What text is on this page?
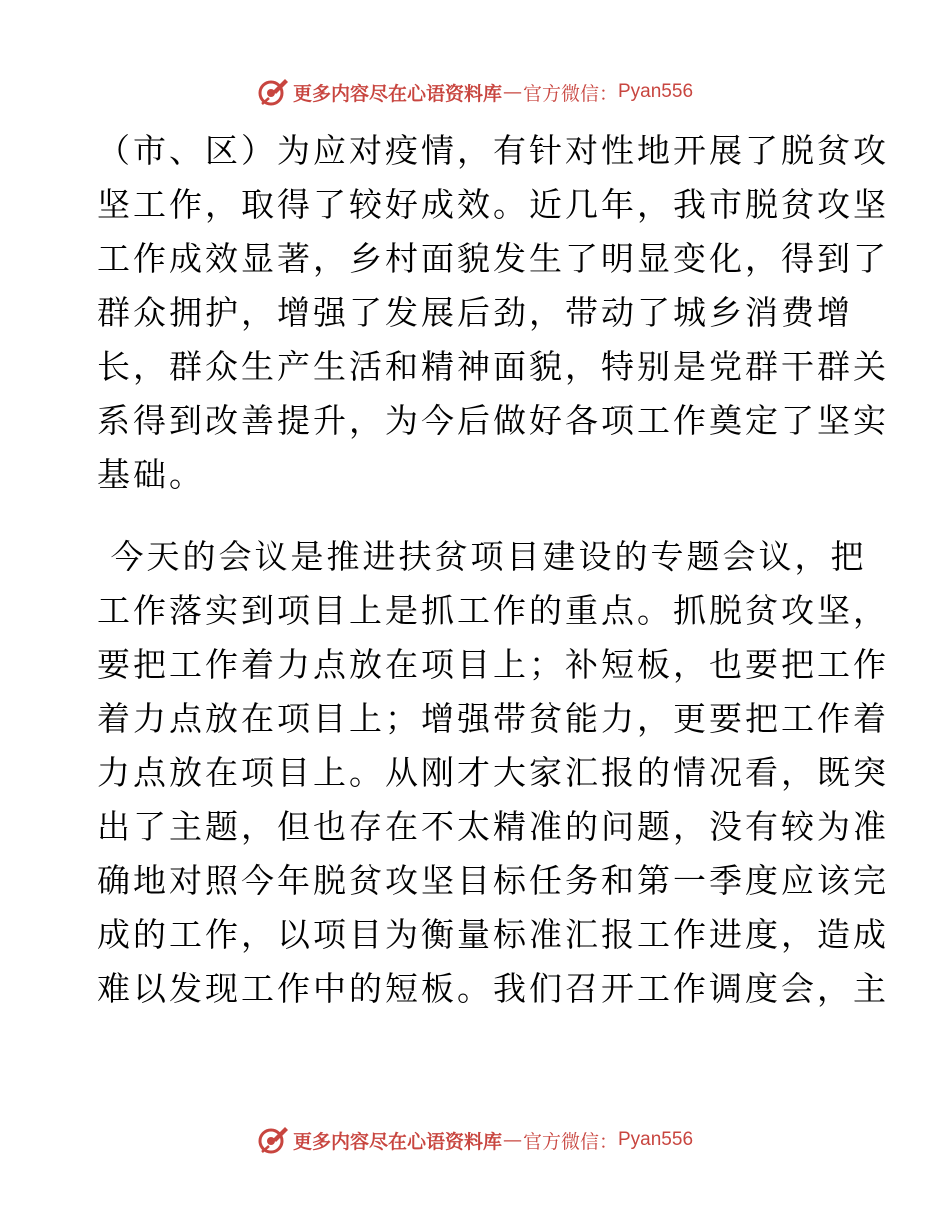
更多内容尽在心语资料库 — 官方微信： Pyan556
（市、区）为应对疫情，有针对性地开展了脱贫攻
坚工作，取得了较好成效。近几年，我市脱贫攻坚
工作成效显著，乡村面貌发生了明显变化，得到了
群众拥护，增强了发展后劲，带动了城乡消费增
长，群众生产生活和精神面貌，特别是党群干群关
系得到改善提升，为今后做好各项工作奠定了坚实
基础。
今天的会议是推进扶贫项目建设的专题会议，把
工作落实到项目上是抓工作的重点。抓脱贫攻坚，
要把工作着力点放在项目上；补短板，也要把工作
着力点放在项目上；增强带贫能力，更要把工作着
力点放在项目上。从刚才大家汇报的情况看，既突
出了主题，但也存在不太精准的问题，没有较为准
确地对照今年脱贫攻坚目标任务和第一季度应该完
成的工作，以项目为衡量标准汇报工作进度，造成
难以发现工作中的短板。我们召开工作调度会，主
更多内容尽在心语资料库 — 官方微信： Pyan556
